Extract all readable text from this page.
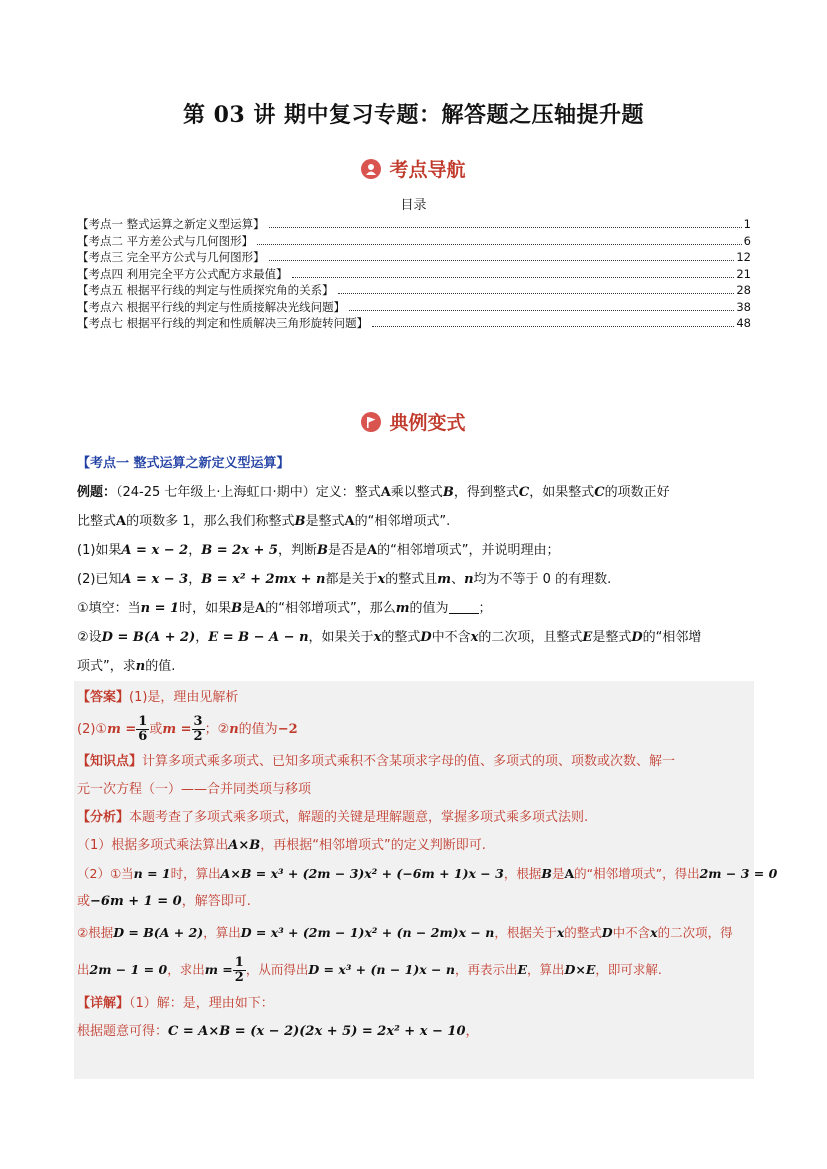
第 03 讲 期中复习专题：解答题之压轴提升题
考点导航
目录
【考点一 整式运算之新定义型运算】	1
【考点二 平方差公式与几何图形】	6
【考点三 完全平方公式与几何图形】	12
【考点四 利用完全平方公式配方求最值】	21
【考点五 根据平行线的判定与性质探究角的关系】	28
【考点六 根据平行线的判定与性质接解决光线问题】	38
【考点七 根据平行线的判定和性质解决三角形旋转问题】	48
典例变式
【考点一 整式运算之新定义型运算】
例题：（24-25 七年级上·上海虹口·期中）定义：整式A乘以整式B，得到整式C，如果整式C的项数正好
比整式A的项数多 1，那么我们称整式B是整式A的“相邻增项式”.
(1)如果A = x − 2，B = 2x + 5，判断B是否是A的“相邻增项式”，并说明理由；
(2)已知A = x − 3，B = x² + 2mx + n都是关于x的整式且m、n均为不等于 0 的有理数.
①填空：当n = 1时，如果B是A的“相邻增项式”，那么m的值为 ；
②设D = B(A + 2)，E = B − A − n，如果关于x的整式D中不含x的二次项，且整式E是整式D的“相邻增
项式”，求n的值.
【答案】(1)是，理由见解析
(2)①m = $\frac{1}{6}$ 或$m = \frac{3}{2}$ ；②n的值为−2
【知识点】计算多项式乘多项式、已知多项式乘积不含某项求字母的值、多项式的项、项数或次数、解一
元一次方程（一）——合并同类项与移项
【分析】本题考查了多项式乘多项式，解题的关键是理解题意，掌握多项式乘多项式法则.
（1）根据多项式乘法算出A×B，再根据“相邻增项式”的定义判断即可.
（2）①当n = 1时，算出A×B = x³ + (2m − 3)x² + (−6m + 1)x − 3，根据B是A的“相邻增项式”，得出2m − 3 = 0
或−6m + 1 = 0，解答即可.
②根据D = B(A + 2)，算出D = x³ + (2m − 1)x² + (n − 2m)x − n，根据关于x的整式D中不含x的二次项，得
出2m − 1 = 0，求出$m = \frac{1}{2}$ ，从而得出D = x³ + (n − 1)x − n，再表示出E，算出D×E，即可求解.
【详解】（1）解：是，理由如下：
根据题意可得：C = A×B = (x − 2)(2x + 5) = 2x² + x − 10，
